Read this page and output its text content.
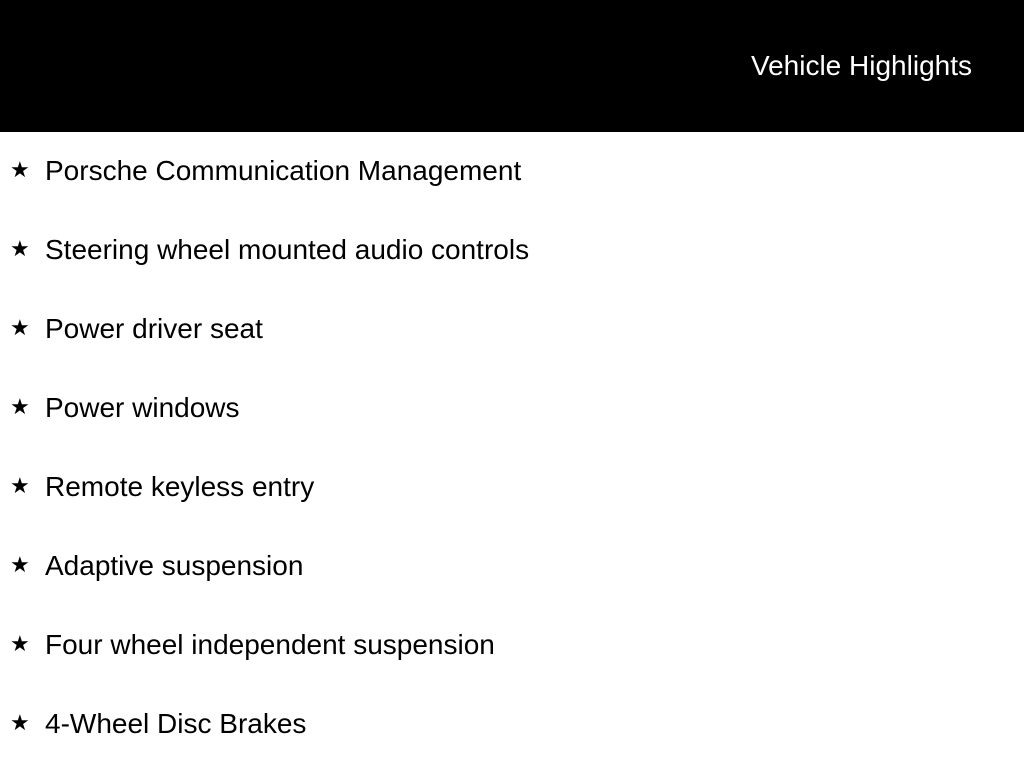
Vehicle Highlights
★ Porsche Communication Management
★ Steering wheel mounted audio controls
★ Power driver seat
★ Power windows
★ Remote keyless entry
★ Adaptive suspension
★ Four wheel independent suspension
★ 4-Wheel Disc Brakes
